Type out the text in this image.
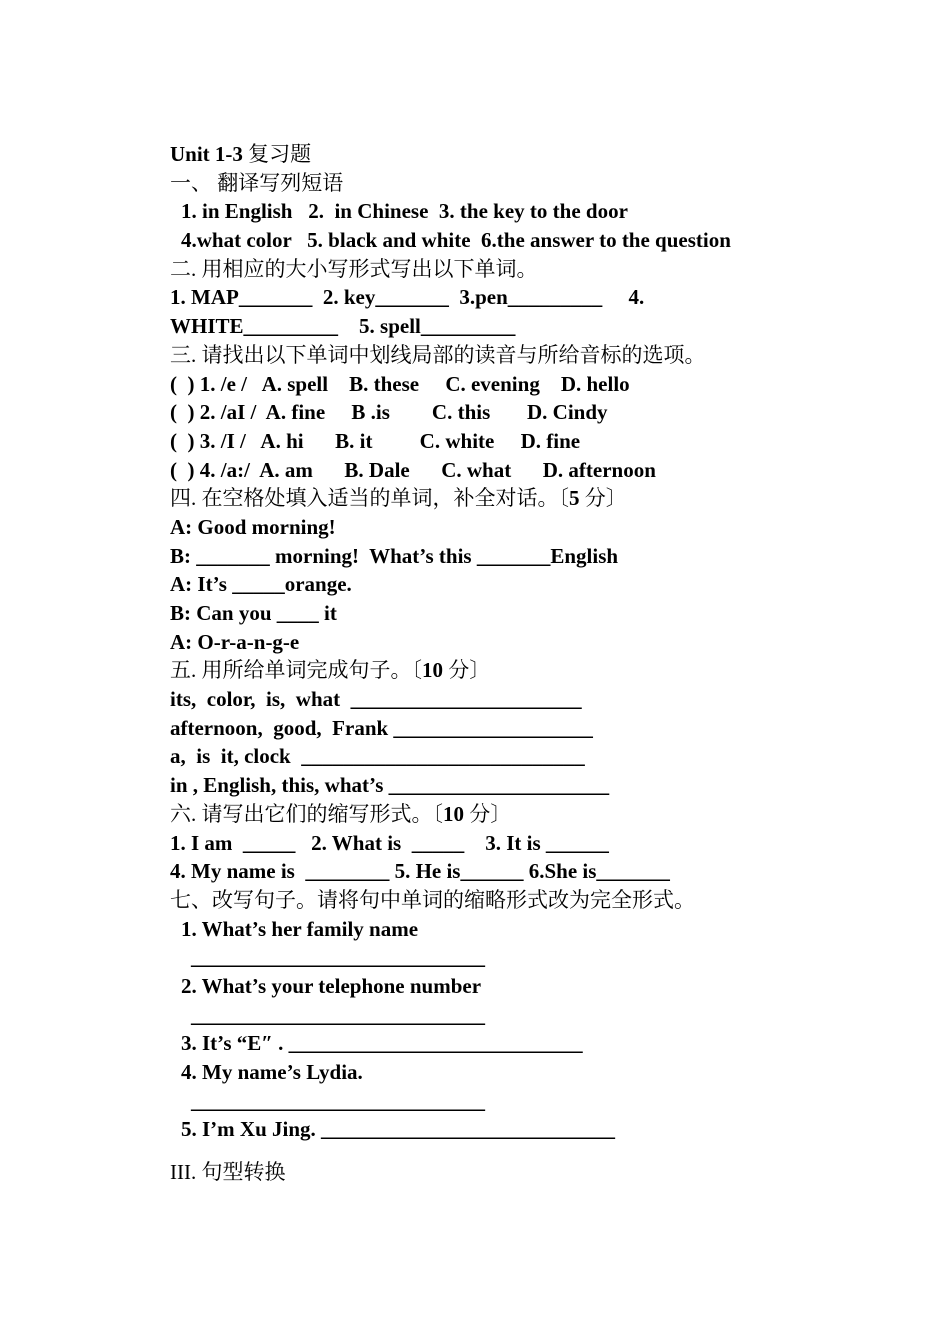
Unit 1-3 复习题
一、 翻译写列短语
1. in English   2.  in Chinese  3. the key to the door
4.what color   5. black and white  6.the answer to the question
二. 用相应的大小写形式写出以下单词。
1. MAP_______  2. key_______  3.pen_________     4.
WHITE_________    5. spell_________
三. 请找出以下单词中划线局部的读音与所给音标的选项。
(  ) 1. /e /   A. spell    B. these     C. evening    D. hello
(  ) 2. /aI /  A. fine     B .is        C. this       D. Cindy
(  ) 3. /I /   A. hi      B. it         C. white     D. fine
(  ) 4. /a:/  A. am      B. Dale      C. what      D. afternoon
四. 在空格处填入适当的单词，补全对话。〔5 分〕
A: Good morning!
B: _______ morning!  What’s this _______English
A: It’s _____orange.
B: Can you ____ it
A: O-r-a-n-g-e
五. 用所给单词完成句子。〔10 分〕
its,  color,  is,  what  ______________________
afternoon,  good,  Frank ___________________
a,  is  it, clock  ___________________________
in , English, this, what’s _____________________
六. 请写出它们的缩写形式。〔10 分〕
1. I am  _____   2. What is  _____    3. It is ______
4. My name is  ________ 5. He is______ 6.She is_______
七、改写句子。请将句中单词的缩略形式改为完全形式。
1. What’s her family name
____________________________
2. What’s your telephone number
____________________________
3. It’s “E″ . ____________________________
4. My name’s Lydia.
____________________________
5. I’m Xu Jing. ____________________________
III. 句型转换
